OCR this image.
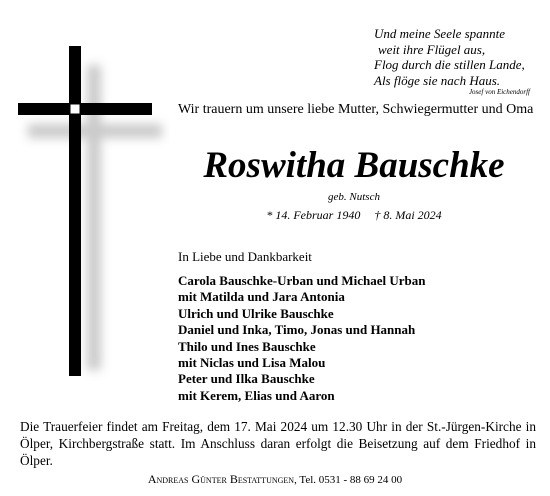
Und meine Seele spannte
weit ihre Flügel aus,
Flog durch die stillen Lande,
Als flöge sie nach Haus.
Josef von Eichendorff
Wir trauern um unsere liebe Mutter, Schwiegermutter und Oma
Roswitha Bauschke
geb. Nutsch
* 14. Februar 1940 † 8. Mai 2024
In Liebe und Dankbarkeit
Carola Bauschke-Urban und Michael Urban
mit Matilda und Jara Antonia
Ulrich und Ulrike Bauschke
Daniel und Inka, Timo, Jonas und Hannah
Thilo und Ines Bauschke
mit Niclas und Lisa Malou
Peter und Ilka Bauschke
mit Kerem, Elias und Aaron
Die Trauerfeier findet am Freitag, dem 17. Mai 2024 um 12.30 Uhr in der St.-Jürgen-Kirche in Ölper, Kirchbergstraße statt. Im Anschluss daran erfolgt die Beisetzung auf dem Friedhof in Ölper.
Andreas Günter Bestattungen, Tel. 0531 - 88 69 24 00
